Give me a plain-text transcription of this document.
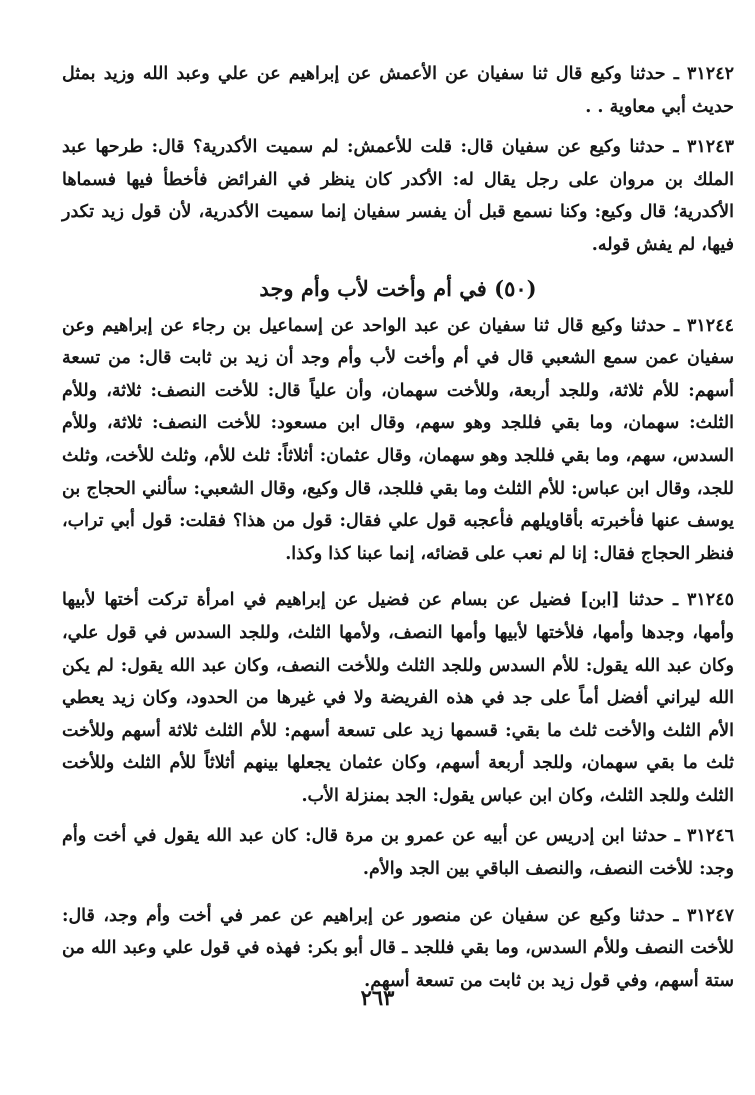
٣١٢٤٢ ـ حدثنا وكيع قال ثنا سفيان عن الأعمش عن إبراهيم عن علي وعبد الله وزيد بمثل حديث أبي معاوية . .

٣١٢٤٣ ـ حدثنا وكيع عن سفيان قال: قلت للأعمش: لم سميت الأكدرية؟ قال: طرحها عبد الملك بن مروان على رجل يقال له: الأكدر كان ينظر في الفرائض فأخطأ فيها فسماها الأكدرية؛ قال وكيع: وكنا نسمع قبل أن يفسر سفيان إنما سميت الأكدرية، لأن قول زيد تكدر فيها، لم يفش قوله.

(٥٠) في أم وأخت لأب وأم وجد

٣١٢٤٤ ـ حدثنا وكيع قال ثنا سفيان عن عبد الواحد عن إسماعيل بن رجاء عن إبراهيم وعن سفيان عمن سمع الشعبي قال في أم وأخت لأب وأم وجد أن زيد بن ثابت قال: من تسعة أسهم: للأم ثلاثة، وللجد أربعة، وللأخت سهمان، وأن علياً قال: للأخت النصف: ثلاثة، وللأم الثلث: سهمان، وما بقي فللجد وهو سهم، وقال ابن مسعود: للأخت النصف: ثلاثة، وللأم السدس، سهم، وما بقي فللجد وهو سهمان، وقال عثمان: أثلاثاً: ثلث للأم، وثلث للأخت، وثلث للجد، وقال ابن عباس: للأم الثلث وما بقي فللجد، قال وكيع، وقال الشعبي: سألني الحجاج بن يوسف عنها فأخبرته بأقاويلهم فأعجبه قول علي فقال: قول من هذا؟ فقلت: قول أبي تراب، فنظر الحجاج فقال: إنا لم نعب على قضائه، إنما عبنا كذا وكذا.

٣١٢٤٥ ـ حدثنا [ابن] فضيل عن بسام عن فضيل عن إبراهيم في امرأة تركت أختها لأبيها وأمها، وجدها وأمها، فلأختها لأبيها وأمها النصف، ولأمها الثلث، وللجد السدس في قول علي، وكان عبد الله يقول: للأم السدس وللجد الثلث وللأخت النصف، وكان عبد الله يقول: لم يكن الله ليراني أفضل أماً على جد في هذه الفريضة ولا في غيرها من الحدود، وكان زيد يعطي الأم الثلث والأخت ثلث ما بقي: قسمها زيد على تسعة أسهم: للأم الثلث ثلاثة أسهم وللأخت ثلث ما بقي سهمان، وللجد أربعة أسهم، وكان عثمان يجعلها بينهم أثلاثاً للأم الثلث وللأخت الثلث وللجد الثلث، وكان ابن عباس يقول: الجد بمنزلة الأب.

٣١٢٤٦ ـ حدثنا ابن إدريس عن أبيه عن عمرو بن مرة قال: كان عبد الله يقول في أخت وأم وجد: للأخت النصف، والنصف الباقي بين الجد والأم.

٣١٢٤٧ ـ حدثنا وكيع عن سفيان عن منصور عن إبراهيم عن عمر في أخت وأم وجد، قال: للأخت النصف وللأم السدس، وما بقي فللجد ـ قال أبو بكر: فهذه في قول علي وعبد الله من ستة أسهم، وفي قول زيد بن ثابت من تسعة أسهم.

٢٦٣
